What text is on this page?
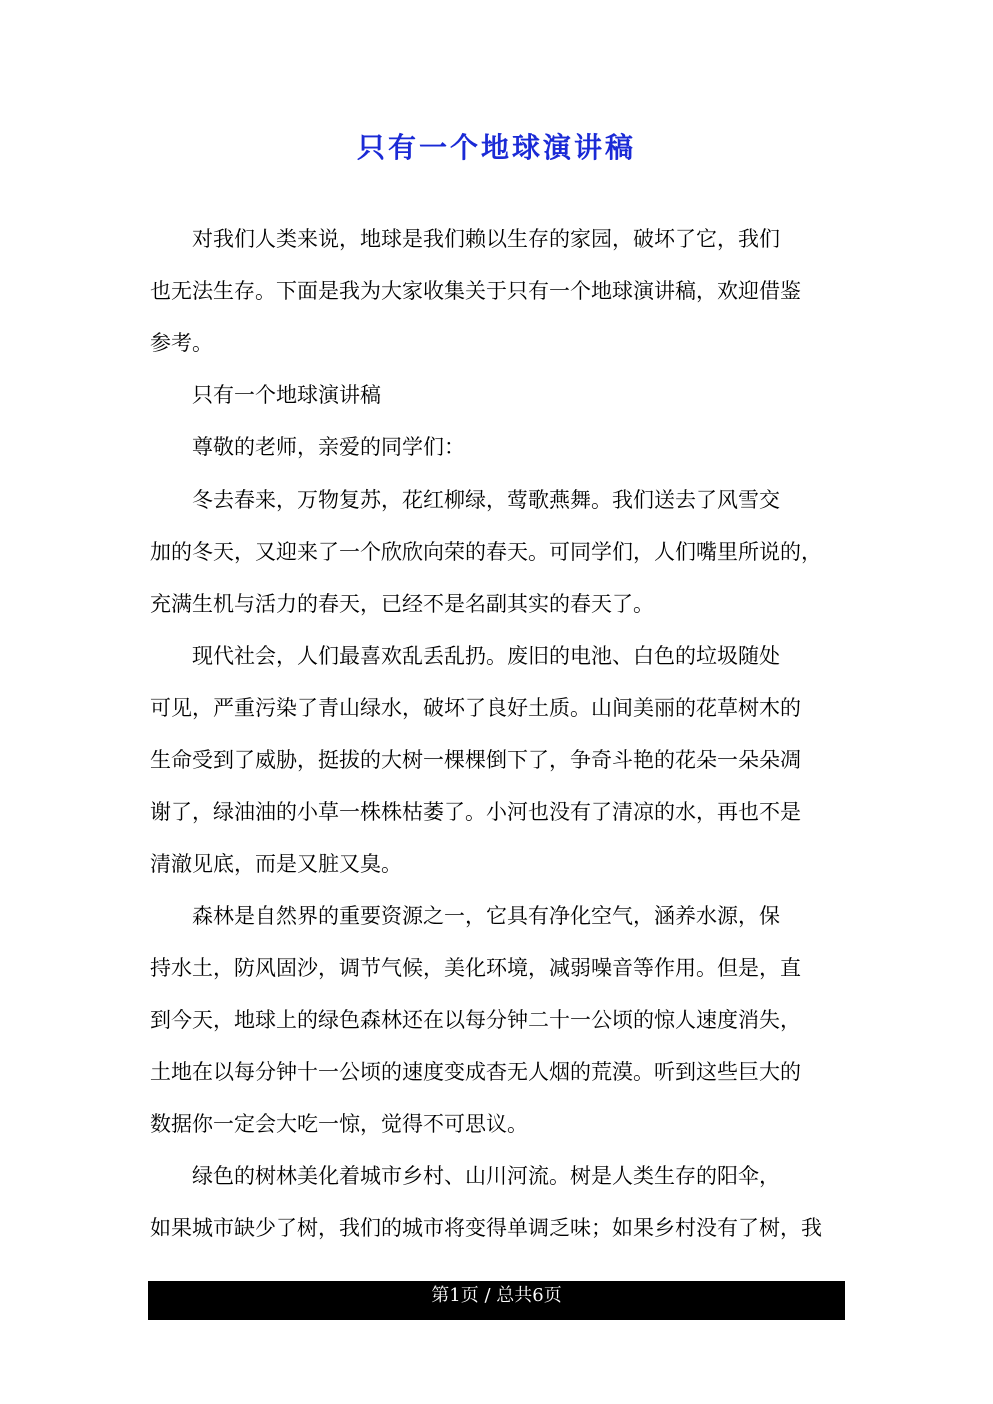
只有一个地球演讲稿
　　对我们人类来说，地球是我们赖以生存的家园，破坏了它，我们
也无法生存。下面是我为大家收集关于只有一个地球演讲稿，欢迎借鉴
参考。
　　只有一个地球演讲稿
　　尊敬的老师，亲爱的同学们：
　　冬去春来，万物复苏，花红柳绿，莺歌燕舞。我们送去了风雪交
加的冬天，又迎来了一个欣欣向荣的春天。可同学们，人们嘴里所说的，
充满生机与活力的春天，已经不是名副其实的春天了。
　　现代社会，人们最喜欢乱丢乱扔。废旧的电池、白色的垃圾随处
可见，严重污染了青山绿水，破坏了良好土质。山间美丽的花草树木的
生命受到了威胁，挺拔的大树一棵棵倒下了，争奇斗艳的花朵一朵朵凋
谢了，绿油油的小草一株株枯萎了。小河也没有了清凉的水，再也不是
清澈见底，而是又脏又臭。
　　森林是自然界的重要资源之一，它具有净化空气，涵养水源，保
持水土，防风固沙，调节气候，美化环境，减弱噪音等作用。但是，直
到今天，地球上的绿色森林还在以每分钟二十一公顷的惊人速度消失，
土地在以每分钟十一公顷的速度变成杳无人烟的荒漠。听到这些巨大的
数据你一定会大吃一惊，觉得不可思议。
　　绿色的树林美化着城市乡村、山川河流。树是人类生存的阳伞，
如果城市缺少了树，我们的城市将变得单调乏味；如果乡村没有了树，我
第1页 / 总共6页
